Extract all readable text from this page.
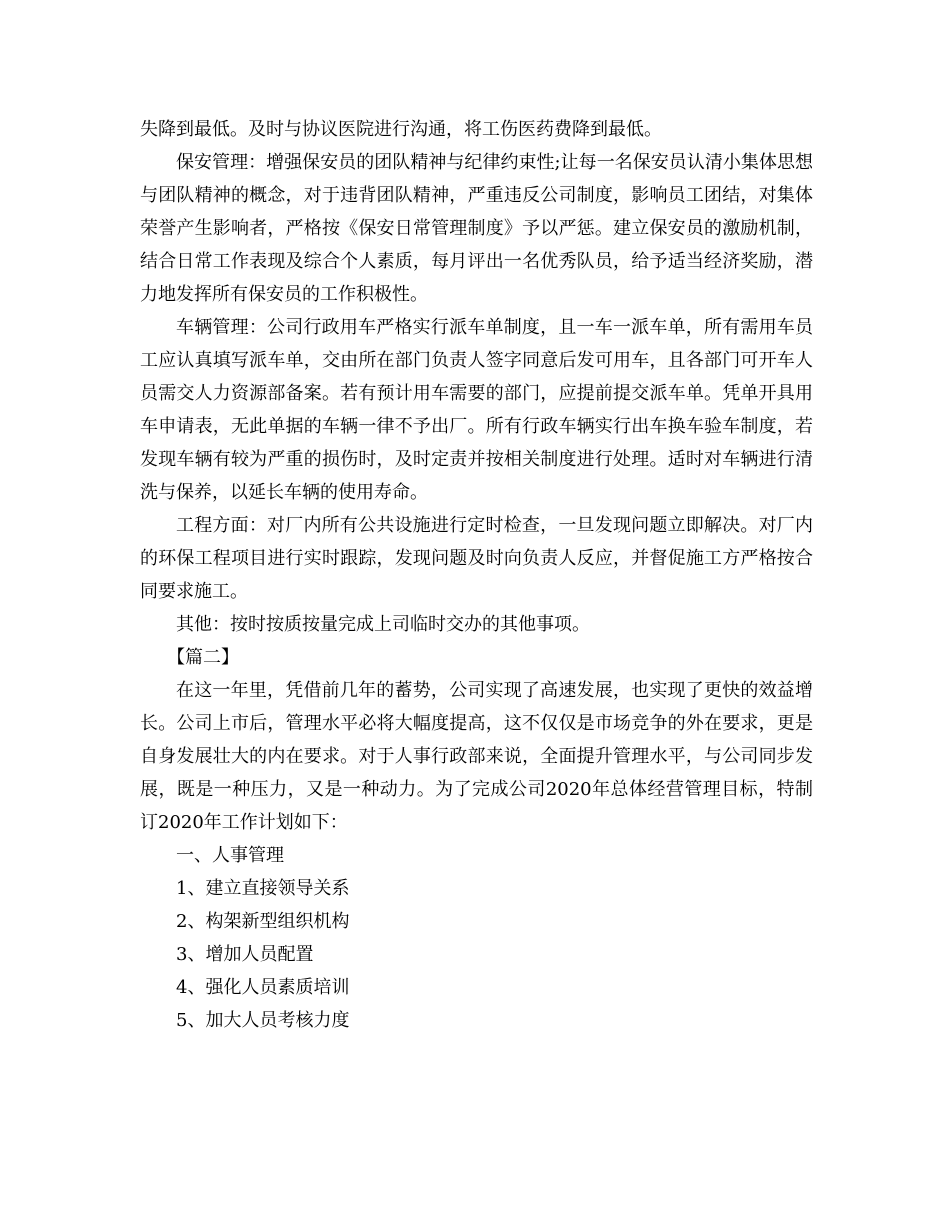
失降到最低。及时与协议医院进行沟通，将工伤医药费降到最低。

保安管理：增强保安员的团队精神与纪律约束性;让每一名保安员认清小集体思想与团队精神的概念，对于违背团队精神，严重违反公司制度，影响员工团结，对集体荣誉产生影响者，严格按《保安日常管理制度》予以严惩。建立保安员的激励机制，结合日常工作表现及综合个人素质，每月评出一名优秀队员，给予适当经济奖励，潜力地发挥所有保安员的工作积极性。

车辆管理：公司行政用车严格实行派车单制度，且一车一派车单，所有需用车员工应认真填写派车单，交由所在部门负责人签字同意后发可用车，且各部门可开车人员需交人力资源部备案。若有预计用车需要的部门，应提前提交派车单。凭单开具用车申请表，无此单据的车辆一律不予出厂。所有行政车辆实行出车换车验车制度，若发现车辆有较为严重的损伤时，及时定责并按相关制度进行处理。适时对车辆进行清洗与保养，以延长车辆的使用寿命。

工程方面：对厂内所有公共设施进行定时检查，一旦发现问题立即解决。对厂内的环保工程项目进行实时跟踪，发现问题及时向负责人反应，并督促施工方严格按合同要求施工。

其他：按时按质按量完成上司临时交办的其他事项。

【篇二】

在这一年里，凭借前几年的蓄势，公司实现了高速发展，也实现了更快的效益增长。公司上市后，管理水平必将大幅度提高，这不仅仅是市场竞争的外在要求，更是自身发展壮大的内在要求。对于人事行政部来说，全面提升管理水平，与公司同步发展，既是一种压力，又是一种动力。为了完成公司2020年总体经营管理目标，特制订2020年工作计划如下：

一、人事管理

1、建立直接领导关系

2、构架新型组织机构

3、增加人员配置

4、强化人员素质培训

5、加大人员考核力度
